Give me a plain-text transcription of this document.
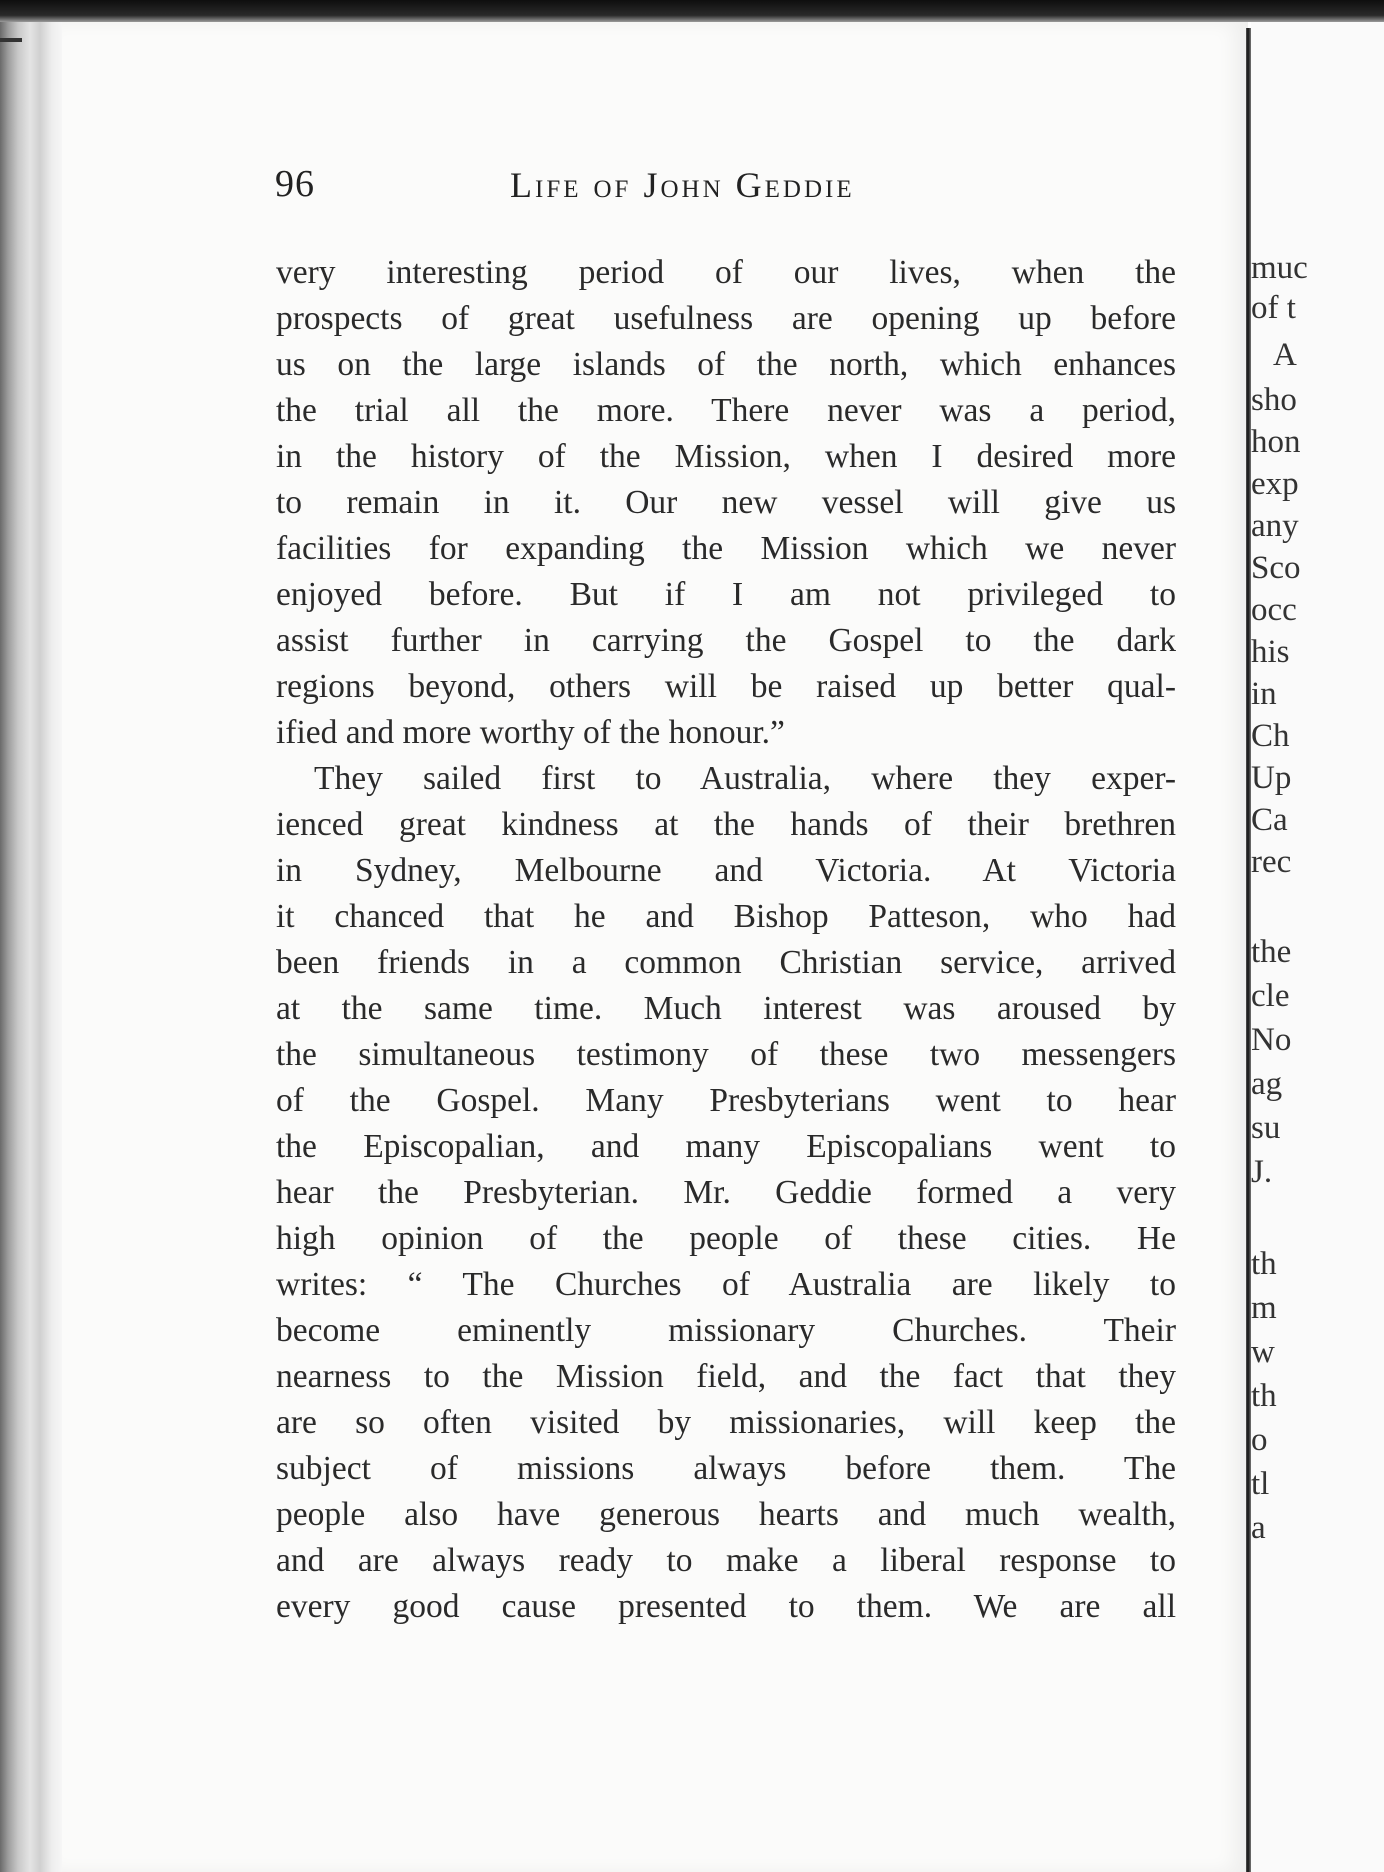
96	Life of John Geddie
very interesting period of our lives, when the
prospects of great usefulness are opening up before
us on the large islands of the north, which enhances
the trial all the more. There never was a period,
in the history of the Mission, when I desired more
to remain in it. Our new vessel will give us
facilities for expanding the Mission which we never
enjoyed before. But if I am not privileged to
assist further in carrying the Gospel to the dark
regions beyond, others will be raised up better qual-
ified and more worthy of the honour.”
They sailed first to Australia, where they exper-
ienced great kindness at the hands of their brethren
in Sydney, Melbourne and Victoria. At Victoria
it chanced that he and Bishop Patteson, who had
been friends in a common Christian service, arrived
at the same time. Much interest was aroused by
the simultaneous testimony of these two messengers
of the Gospel. Many Presbyterians went to hear
the Episcopalian, and many Episcopalians went to
hear the Presbyterian. Mr. Geddie formed a very
high opinion of the people of these cities. He
writes: “ The Churches of Australia are likely to
become eminently missionary Churches. Their
nearness to the Mission field, and the fact that they
are so often visited by missionaries, will keep the
subject of missions always before them. The
people also have generous hearts and much wealth,
and are always ready to make a liberal response to
every good cause presented to them. We are all
muc
of t
A
sho
hon
exp
any
Sco
occ
his
in
Ch
Up
Ca
rec
the
cle
No
ag
su
J.
th
m
w
th
o
tl
a
